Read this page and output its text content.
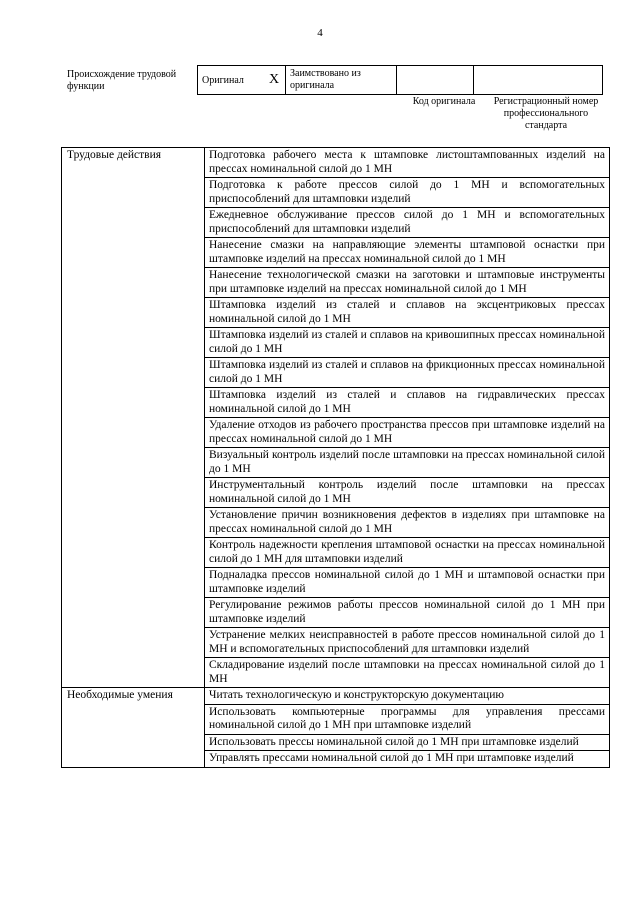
4
Происхождение трудовой функции
Оригинал	X	Заимствовано из оригинала		
Код оригинала	Регистрационный номер профессионального стандарта
Трудовые действия	Подготовка рабочего места к штамповке листоштампованных изделий на прессах номинальной силой до 1 МН
	Подготовка к работе прессов силой до 1 МН и вспомогательных приспособлений для штамповки изделий
	Ежедневное обслуживание прессов силой до 1 МН и вспомогательных приспособлений для штамповки изделий
	Нанесение смазки на направляющие элементы штамповой оснастки при штамповке изделий на прессах номинальной силой до 1 МН
	Нанесение технологической смазки на заготовки и штамповые инструменты при штамповке изделий на прессах номинальной силой до 1 МН
	Штамповка изделий из сталей и сплавов на эксцентриковых прессах номинальной силой до 1 МН
	Штамповка изделий из сталей и сплавов на кривошипных прессах номинальной силой до 1 МН
	Штамповка изделий из сталей и сплавов на фрикционных прессах номинальной силой до 1 МН
	Штамповка изделий из сталей и сплавов на гидравлических прессах номинальной силой до 1 МН
	Удаление отходов из рабочего пространства прессов при штамповке изделий на прессах номинальной силой до 1 МН
	Визуальный контроль изделий после штамповки на прессах номинальной силой до 1 МН
	Инструментальный контроль изделий после штамповки на прессах номинальной силой до 1 МН
	Установление причин возникновения дефектов в изделиях при штамповке на прессах номинальной силой до 1 МН
	Контроль надежности крепления штамповой оснастки на прессах номинальной силой до 1 МН для штамповки изделий
	Подналадка прессов номинальной силой до 1 МН и штамповой оснастки при штамповке изделий
	Регулирование режимов работы прессов номинальной силой до 1 МН при штамповке изделий
	Устранение мелких неисправностей в работе прессов номинальной силой до 1 МН и вспомогательных приспособлений для штамповки изделий
	Складирование изделий после штамповки на прессах номинальной силой до 1 МН
Необходимые умения	Читать технологическую и конструкторскую документацию
	Использовать компьютерные программы для управления прессами номинальной силой до 1 МН при штамповке изделий
	Использовать прессы номинальной силой до 1 МН при штамповке изделий
	Управлять прессами номинальной силой до 1 МН при штамповке изделий
